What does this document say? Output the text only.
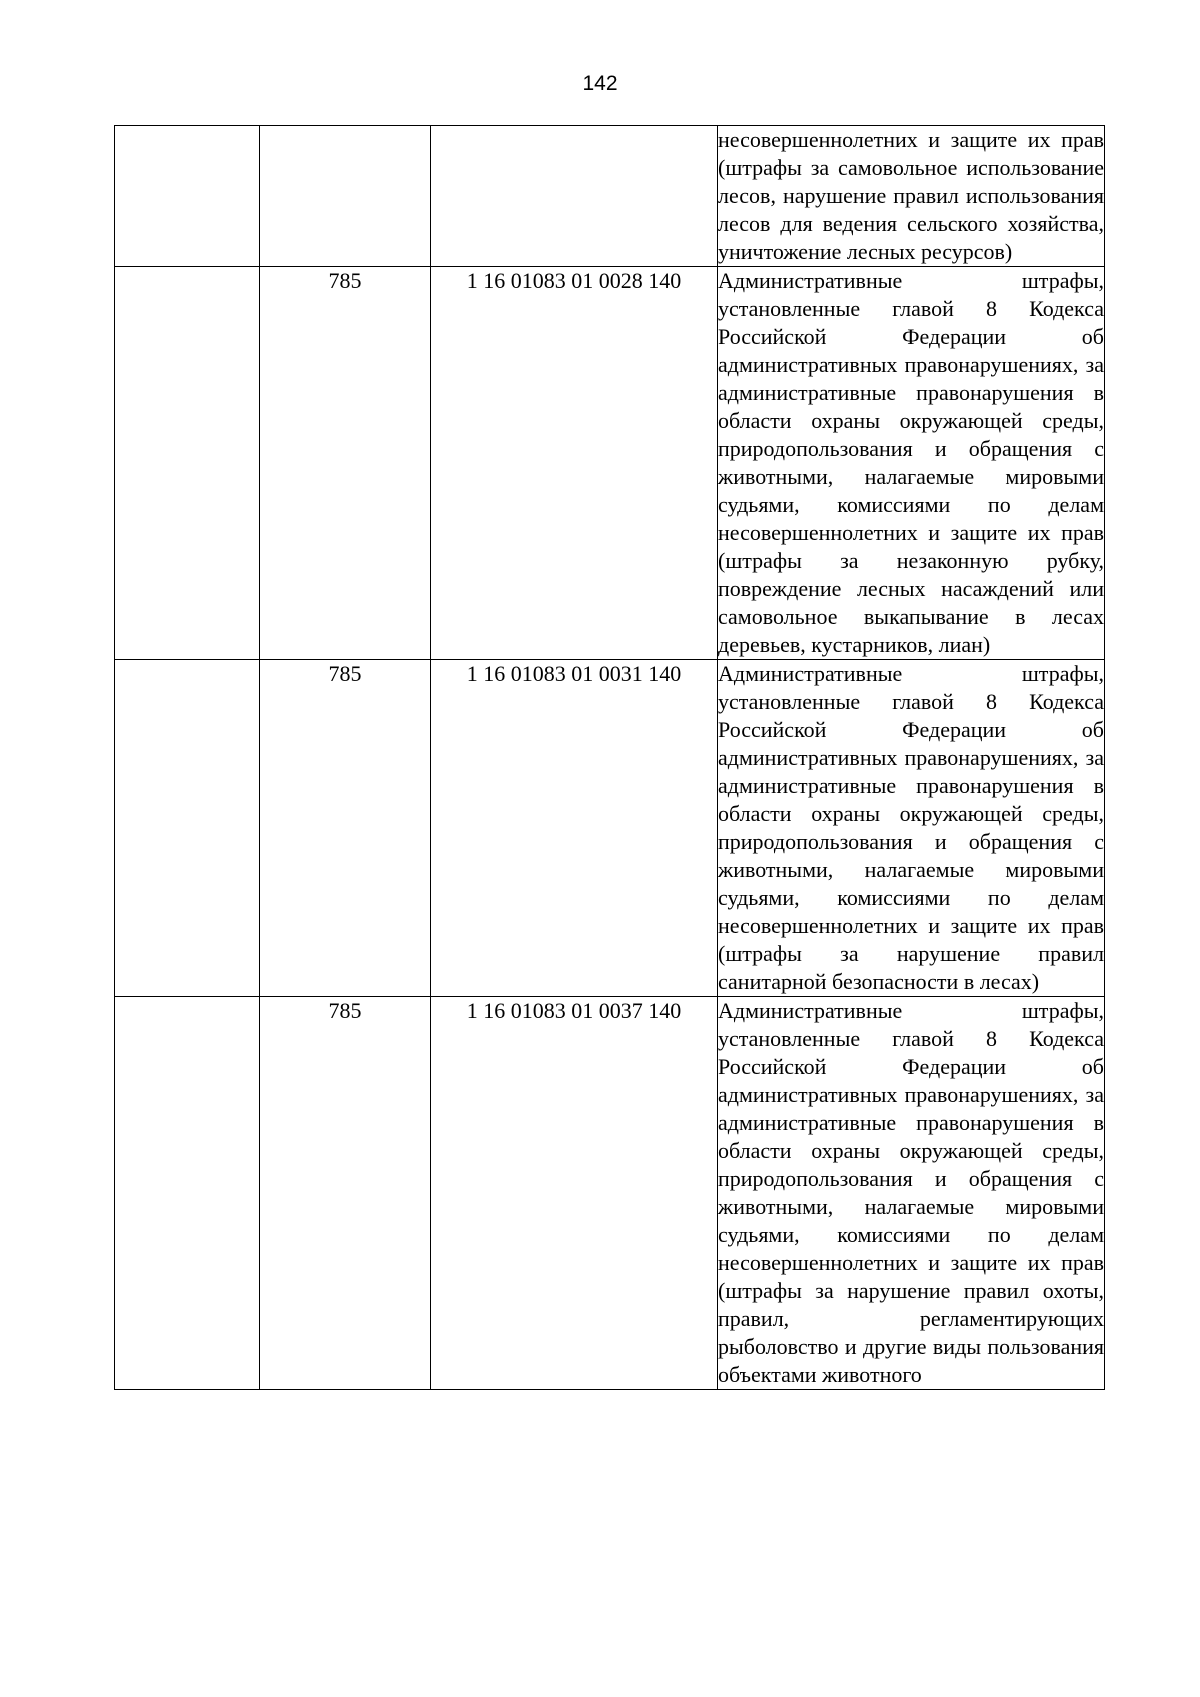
142
			несовершеннолетних и защите их прав (штрафы за самовольное использование лесов, нарушение правил использования лесов для ведения сельского хозяйства, уничтожение лесных ресурсов)
	785	1 16 01083 01 0028 140	Административные штрафы, установленные главой 8 Кодекса Российской Федерации об административных правонарушениях, за административные правонарушения в области охраны окружающей среды, природопользования и обращения с животными, налагаемые мировыми судьями, комиссиями по делам несовершеннолетних и защите их прав (штрафы за незаконную рубку, повреждение лесных насаждений или самовольное выкапывание в лесах деревьев, кустарников, лиан)
	785	1 16 01083 01 0031 140	Административные штрафы, установленные главой 8 Кодекса Российской Федерации об административных правонарушениях, за административные правонарушения в области охраны окружающей среды, природопользования и обращения с животными, налагаемые мировыми судьями, комиссиями по делам несовершеннолетних и защите их прав (штрафы за нарушение правил санитарной безопасности в лесах)
	785	1 16 01083 01 0037 140	Административные штрафы, установленные главой 8 Кодекса Российской Федерации об административных правонарушениях, за административные правонарушения в области охраны окружающей среды, природопользования и обращения с животными, налагаемые мировыми судьями, комиссиями по делам несовершеннолетних и защите их прав (штрафы за нарушение правил охоты, правил, регламентирующих рыболовство и другие виды пользования объектами животного
